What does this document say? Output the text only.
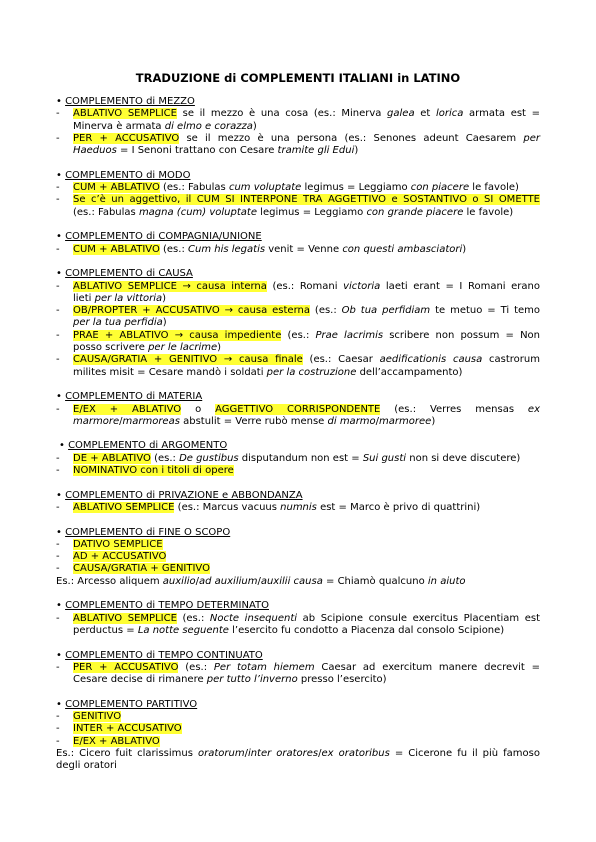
TRADUZIONE di COMPLEMENTI ITALIANI in LATINO
• COMPLEMENTO di MEZZO
- ABLATIVO SEMPLICE se il mezzo è una cosa (es.: Minerva galea et lorica armata est =
Minerva è armata di elmo e corazza)
- PER + ACCUSATIVO se il mezzo è una persona (es.: Senones adeunt Caesarem per
Haeduos = I Senoni trattano con Cesare tramite gli Edui)
• COMPLEMENTO di MODO
- CUM + ABLATIVO (es.: Fabulas cum voluptate legimus = Leggiamo con piacere le favole)
- Se c’è un aggettivo, il CUM SI INTERPONE TRA AGGETTIVO e SOSTANTIVO o SI OMETTE
(es.: Fabulas magna (cum) voluptate legimus = Leggiamo con grande piacere le favole)
• COMPLEMENTO di COMPAGNIA/UNIONE
- CUM + ABLATIVO (es.: Cum his legatis venit = Venne con questi ambasciatori)
• COMPLEMENTO di CAUSA
- ABLATIVO SEMPLICE → causa interna (es.: Romani victoria laeti erant = I Romani erano
lieti per la vittoria)
- OB/PROPTER + ACCUSATIVO → causa esterna (es.: Ob tua perfidiam te metuo = Ti temo
per la tua perfidia)
- PRAE + ABLATIVO → causa impediente (es.: Prae lacrimis scribere non possum = Non
posso scrivere per le lacrime)
- CAUSA/GRATIA + GENITIVO → causa finale (es.: Caesar aedificationis causa castrorum
milites misit = Cesare mandò i soldati per la costruzione dell’accampamento)
• COMPLEMENTO di MATERIA
- E/EX + ABLATIVO o AGGETTIVO CORRISPONDENTE (es.: Verres mensas ex
marmore/marmoreas abstulit = Verre rubò mense di marmo/marmoree)
• COMPLEMENTO di ARGOMENTO
- DE + ABLATIVO (es.: De gustibus disputandum non est = Sui gusti non si deve discutere)
- NOMINATIVO con i titoli di opere
• COMPLEMENTO di PRIVAZIONE e ABBONDANZA
- ABLATIVO SEMPLICE (es.: Marcus vacuus numnis est = Marco è privo di quattrini)
• COMPLEMENTO di FINE O SCOPO
- DATIVO SEMPLICE
- AD + ACCUSATIVO
- CAUSA/GRATIA + GENITIVO
Es.: Arcesso aliquem auxilio/ad auxilium/auxilii causa = Chiamò qualcuno in aiuto
• COMPLEMENTO di TEMPO DETERMINATO
- ABLATIVO SEMPLICE (es.: Nocte insequenti ab Scipione consule exercitus Placentiam est
perductus = La notte seguente l’esercito fu condotto a Piacenza dal consolo Scipione)
• COMPLEMENTO di TEMPO CONTINUATO
- PER + ACCUSATIVO (es.: Per totam hiemem Caesar ad exercitum manere decrevit =
Cesare decise di rimanere per tutto l’inverno presso l’esercito)
• COMPLEMENTO PARTITIVO
- GENITIVO
- INTER + ACCUSATIVO
- E/EX + ABLATIVO
Es.: Cicero fuit clarissimus oratorum/inter oratores/ex oratoribus = Cicerone fu il più famoso
degli oratori
